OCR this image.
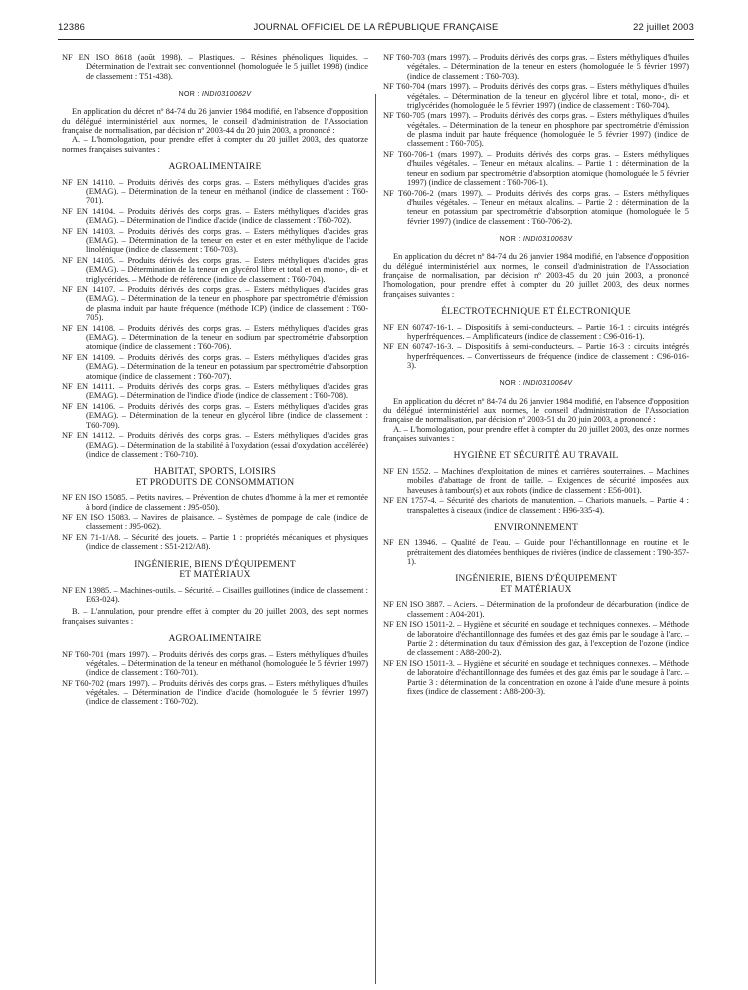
12386	JOURNAL OFFICIEL DE LA RÉPUBLIQUE FRANÇAISE	22 juillet 2003
NF EN ISO 8618 (août 1998). – Plastiques. – Résines phénoliques liquides. – Détermination de l'extrait sec conventionnel (homologuée le 5 juillet 1998) (indice de classement : T51-438).
NOR : INDI0310062V
En application du décret nº 84-74 du 26 janvier 1984 modifié, en l'absence d'opposition du délégué interministériel aux normes, le conseil d'administration de l'Association française de normalisation, par décision nº 2003-44 du 20 juin 2003, a prononcé :
A. – L'homologation, pour prendre effet à compter du 20 juillet 2003, des quatorze normes françaises suivantes :
AGROALIMENTAIRE
NF EN 14110. – Produits dérivés des corps gras. – Esters méthyliques d'acides gras (EMAG). – Détermination de la teneur en méthanol (indice de classement : T60-701).
NF EN 14104. – Produits dérivés des corps gras. – Esters méthyliques d'acides gras (EMAG). – Détermination de l'indice d'acide (indice de classement : T60-702).
NF EN 14103. – Produits dérivés des corps gras. – Esters méthyliques d'acides gras (EMAG). – Détermination de la teneur en ester et en ester méthylique de l'acide linolénique (indice de classement : T60-703).
NF EN 14105. – Produits dérivés des corps gras. – Esters méthyliques d'acides gras (EMAG). – Détermination de la teneur en glycérol libre et total et en mono-, di- et triglycérides. – Méthode de référence (indice de classement : T60-704).
NF EN 14107. – Produits dérivés des corps gras. – Esters méthyliques d'acides gras (EMAG). – Détermination de la teneur en phosphore par spectrométrie d'émission de plasma induit par haute fréquence (méthode ICP) (indice de classement : T60-705).
NF EN 14108. – Produits dérivés des corps gras. – Esters méthyliques d'acides gras (EMAG). – Détermination de la teneur en sodium par spectrométrie d'absorption atomique (indice de classement : T60-706).
NF EN 14109. – Produits dérivés des corps gras. – Esters méthyliques d'acides gras (EMAG). – Détermination de la teneur en potassium par spectrométrie d'absorption atomique (indice de classement : T60-707).
NF EN 14111. – Produits dérivés des corps gras. – Esters méthyliques d'acides gras (EMAG). – Détermination de l'indice d'iode (indice de classement : T60-708).
NF EN 14106. – Produits dérivés des corps gras. – Esters méthyliques d'acides gras (EMAG). – Détermination de la teneur en glycérol libre (indice de classement : T60-709).
NF EN 14112. – Produits dérivés des corps gras. – Esters méthyliques d'acides gras (EMAG). – Détermination de la stabilité à l'oxydation (essai d'oxydation accélérée) (indice de classement : T60-710).
HABITAT, SPORTS, LOISIRS
ET PRODUITS DE CONSOMMATION
NF EN ISO 15085. – Petits navires. – Prévention de chutes d'homme à la mer et remontée à bord (indice de classement : J95-050).
NF EN ISO 15083. – Navires de plaisance. – Systèmes de pompage de cale (indice de classement : J95-062).
NF EN 71-1/A8. – Sécurité des jouets. – Partie 1 : propriétés mécaniques et physiques (indice de classement : S51-212/A8).
INGÉNIERIE, BIENS D'ÉQUIPEMENT
ET MATÉRIAUX
NF EN 13985. – Machines-outils. – Sécurité. – Cisailles guillotines (indice de classement : E63-024).
B. – L'annulation, pour prendre effet à compter du 20 juillet 2003, des sept normes françaises suivantes :
AGROALIMENTAIRE
NF T60-701 (mars 1997). – Produits dérivés des corps gras. – Esters méthyliques d'huiles végétales. – Détermination de la teneur en méthanol (homologuée le 5 février 1997) (indice de classement : T60-701).
NF T60-702 (mars 1997). – Produits dérivés des corps gras. – Esters méthyliques d'huiles végétales. – Détermination de l'indice d'acide (homologuée le 5 février 1997) (indice de classement : T60-702).
NF T60-703 (mars 1997). – Produits dérivés des corps gras. – Esters méthyliques d'huiles végétales. – Détermination de la teneur en esters (homologuée le 5 février 1997) (indice de classement : T60-703).
NF T60-704 (mars 1997). – Produits dérivés des corps gras. – Esters méthyliques d'huiles végétales. – Détermination de la teneur en glycérol libre et total, mono-, di- et triglycérides (homologuée le 5 février 1997) (indice de classement : T60-704).
NF T60-705 (mars 1997). – Produits dérivés des corps gras. – Esters méthyliques d'huiles végétales. – Détermination de la teneur en phosphore par spectrométrie d'émission de plasma induit par haute fréquence (homologuée le 5 février 1997) (indice de classement : T60-705).
NF T60-706-1 (mars 1997). – Produits dérivés des corps gras. – Esters méthyliques d'huiles végétales. – Teneur en métaux alcalins. – Partie 1 : détermination de la teneur en sodium par spectrométrie d'absorption atomique (homologuée le 5 février 1997) (indice de classement : T60-706-1).
NF T60-706-2 (mars 1997). – Produits dérivés des corps gras. – Esters méthyliques d'huiles végétales. – Teneur en métaux alcalins. – Partie 2 : détermination de la teneur en potassium par spectrométrie d'absorption atomique (homologuée le 5 février 1997) (indice de classement : T60-706-2).
NOR : INDI0310063V
En application du décret nº 84-74 du 26 janvier 1984 modifié, en l'absence d'opposition du délégué interministériel aux normes, le conseil d'administration de l'Association française de normalisation, par décision nº 2003-45 du 20 juin 2003, a prononcé l'homologation, pour prendre effet à compter du 20 juillet 2003, des deux normes françaises suivantes :
ÉLECTROTECHNIQUE ET ÉLECTRONIQUE
NF EN 60747-16-1. – Dispositifs à semi-conducteurs. – Partie 16-1 : circuits intégrés hyperfréquences. – Amplificateurs (indice de classement : C96-016-1).
NF EN 60747-16-3. – Dispositifs à semi-conducteurs. – Partie 16-3 : circuits intégrés hyperfréquences. – Convertisseurs de fréquence (indice de classement : C96-016-3).
NOR : INDI0310064V
En application du décret nº 84-74 du 26 janvier 1984 modifié, en l'absence d'opposition du délégué interministériel aux normes, le conseil d'administration de l'Association française de normalisation, par décision nº 2003-51 du 20 juin 2003, a prononcé :
A. – L'homologation, pour prendre effet à compter du 20 juillet 2003, des onze normes françaises suivantes :
HYGIÈNE ET SÉCURITÉ AU TRAVAIL
NF EN 1552. – Machines d'exploitation de mines et carrières souterraines. – Machines mobiles d'abattage de front de taille. – Exigences de sécurité imposées aux haveuses à tambour(s) et aux robots (indice de classement : E56-001).
NF EN 1757-4. – Sécurité des chariots de manutention. – Chariots manuels. – Partie 4 : transpalettes à ciseaux (indice de classement : H96-335-4).
ENVIRONNEMENT
NF EN 13946. – Qualité de l'eau. – Guide pour l'échantillonnage en routine et le prétraitement des diatomées benthiques de rivières (indice de classement : T90-357-1).
INGÉNIERIE, BIENS D'ÉQUIPEMENT
ET MATÉRIAUX
NF EN ISO 3887. – Aciers. – Détermination de la profondeur de décarburation (indice de classement : A04-201).
NF EN ISO 15011-2. – Hygiène et sécurité en soudage et techniques connexes. – Méthode de laboratoire d'échantillonnage des fumées et des gaz émis par le soudage à l'arc. – Partie 2 : détermination du taux d'émission des gaz, à l'exception de l'ozone (indice de classement : A88-200-2).
NF EN ISO 15011-3. – Hygiène et sécurité en soudage et techniques connexes. – Méthode de laboratoire d'échantillonnage des fumées et des gaz émis par le soudage à l'arc. – Partie 3 : détermination de la concentration en ozone à l'aide d'une mesure à points fixes (indice de classement : A88-200-3).
